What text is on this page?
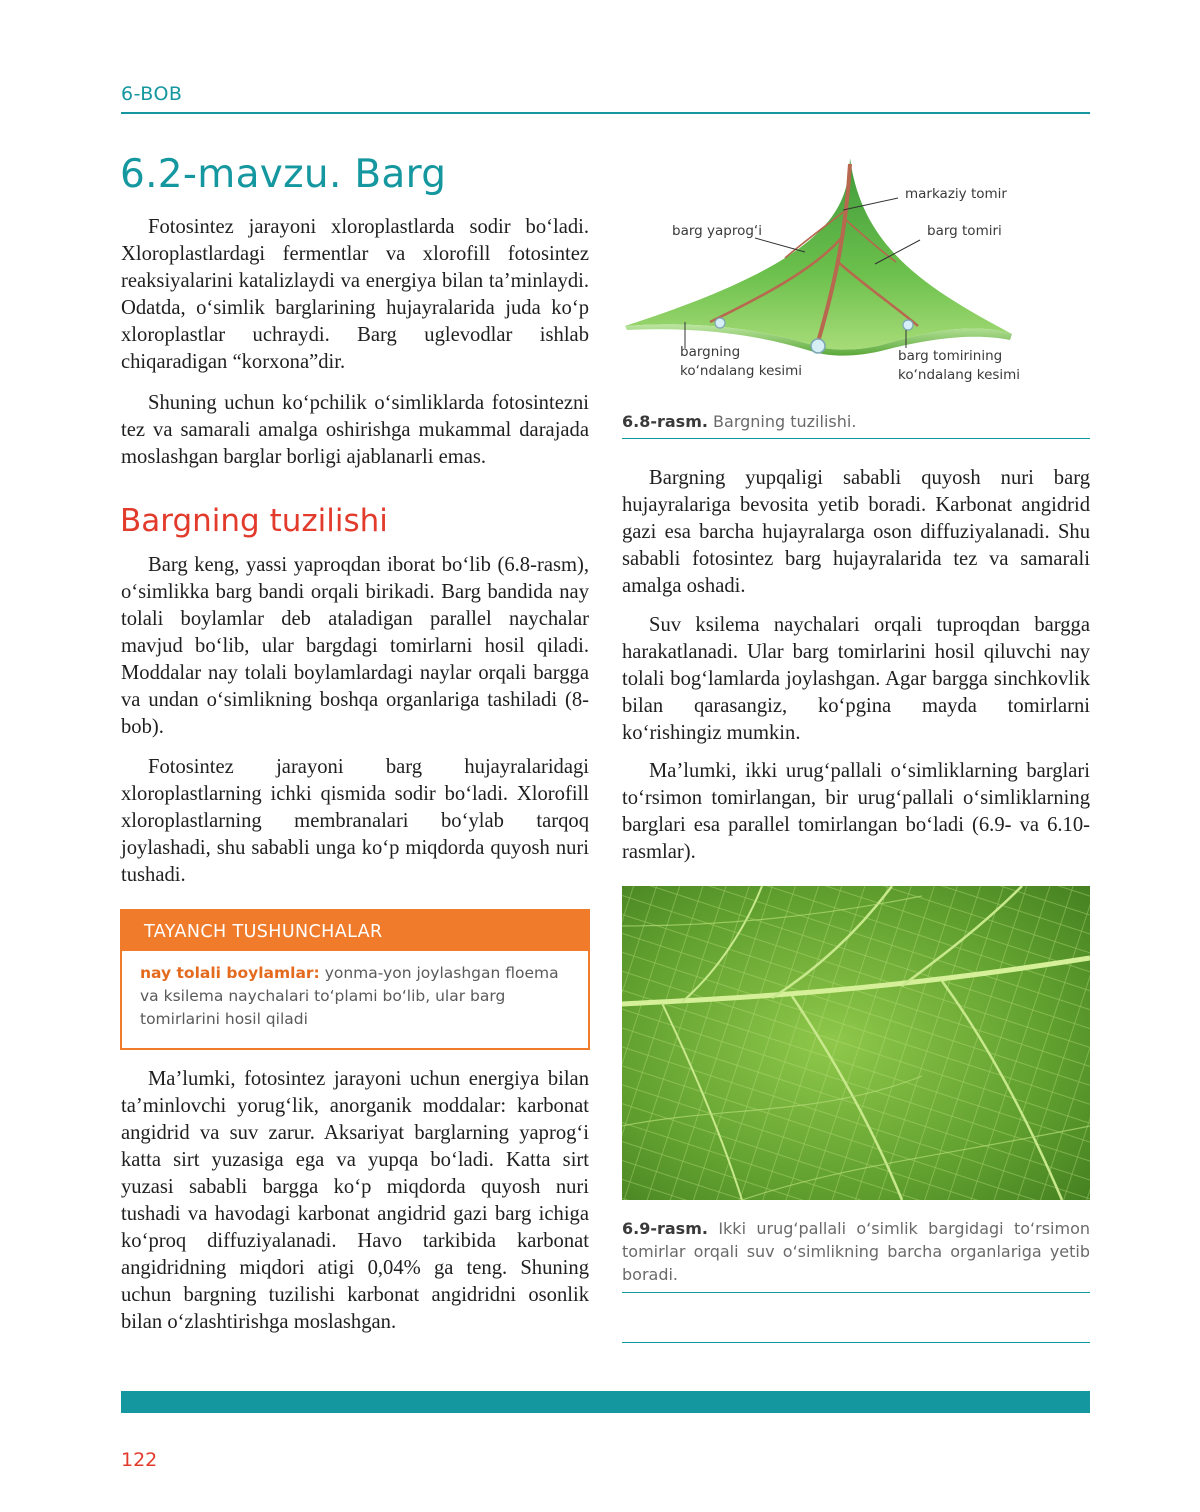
6-BOB
6.2-mavzu. Barg

Fotosintez jarayoni xloroplastlarda sodir bo‘ladi. Xloroplastlardagi fermentlar va xlorofill fotosintez reaksiyalarini katalizlaydi va energiya bilan ta’minlaydi. Odatda, o‘simlik barglarining hujayralarida juda ko‘p xloroplastlar uchraydi. Barg uglevodlar ishlab chiqaradigan “korxona”dir.

Shuning uchun ko‘pchilik o‘simliklarda fotosintezni tez va samarali amalga oshirishga mukammal darajada moslashgan barglar borligi ajablanarli emas.

Bargning tuzilishi

Barg keng, yassi yaproqdan iborat bo‘lib (6.8-rasm), o‘simlikka barg bandi orqali birikadi. Barg bandida nay tolali boylamlar deb ataladigan parallel naychalar mavjud bo‘lib, ular bargdagi tomirlarni hosil qiladi. Moddalar nay tolali boylamlardagi naylar orqali bargga va undan o‘simlikning boshqa organlariga tashiladi (8-bob).

Fotosintez jarayoni barg hujayralaridagi xloroplastlarning ichki qismida sodir bo‘ladi. Xlorofill xloroplastlarning membranalari bo‘ylab tarqoq joylashadi, shu sababli unga ko‘p miqdorda quyosh nuri tushadi.

TAYANCH TUSHUNCHALAR
nay tolali boylamlar: yonma-yon joylashgan floema va ksilema naychalari to‘plami bo‘lib, ular barg tomirlarini hosil qiladi

Ma’lumki, fotosintez jarayoni uchun energiya bilan ta’minlovchi yorug‘lik, anorganik moddalar: karbonat angidrid va suv zarur. Aksariyat barglarning yaprog‘i katta sirt yuzasiga ega va yupqa bo‘ladi. Katta sirt yuzasi sababli bargga ko‘p miqdorda quyosh nuri tushadi va havodagi karbonat angidrid gazi barg ichiga ko‘proq diffuziyalanadi. Havo tarkibida karbonat angidridning miqdori atigi 0,04% ga teng. Shuning uchun bargning tuzilishi karbonat angidridni osonlik bilan o‘zlashtirishga moslashgan.

markaziy tomir
barg yaprog‘i	barg tomiri
bargning
ko‘ndalang kesimi
barg tomirining
ko‘ndalang kesimi
6.8-rasm. Bargning tuzilishi.

Bargning yupqaligi sababli quyosh nuri barg hujayralariga bevosita yetib boradi. Karbonat angidrid gazi esa barcha hujayralarga oson diffuziyalanadi. Shu sababli fotosintez barg hujayralarida tez va samarali amalga oshadi.

Suv ksilema naychalari orqali tuproqdan bargga harakatlanadi. Ular barg tomirlarini hosil qiluvchi nay tolali bog‘lamlarda joylashgan. Agar bargga sinchkovlik bilan qarasangiz, ko‘pgina mayda tomirlarni ko‘rishingiz mumkin.

Ma’lumki, ikki urug‘pallali o‘simliklarning barglari to‘rsimon tomirlangan, bir urug‘pallali o‘simliklarning barglari esa parallel tomirlangan bo‘ladi (6.9- va 6.10-rasmlar).

6.9-rasm. Ikki urug‘pallali o‘simlik bargidagi to‘rsimon tomirlar orqali suv o‘simlikning barcha organlariga yetib boradi.
122
